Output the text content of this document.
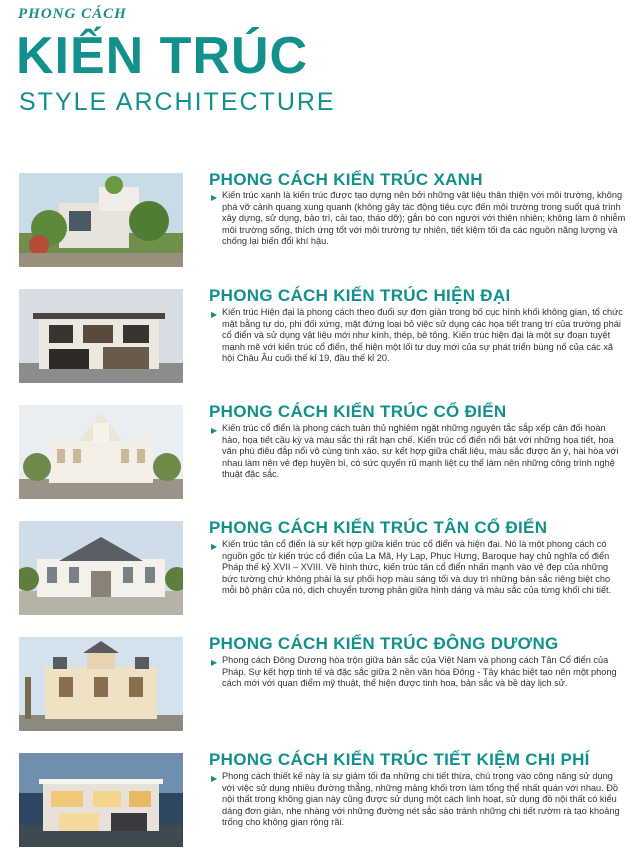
PHONG CÁCH
KIẾN TRÚC
STYLE ARCHITECTURE
PHONG CÁCH KIẾN TRÚC XANH
▶ Kiến trúc xanh là kiến trúc được tạo dựng nên bởi những vật liệu thân thiện với môi trường, không phá vỡ cảnh quang xung quanh (không gây tác động tiêu cực đến môi trường trong suốt quá trình xây dựng, sử dụng, bảo trì, cải tạo, tháo dỡ); gắn bó con người với thiên nhiên; không làm ô nhiễm môi trường sống, thích ứng tốt với môi trường tự nhiên, tiết kiệm tối đa các nguồn năng lượng và chống lại biến đổi khí hậu.
PHONG CÁCH KIẾN TRÚC HIỆN ĐẠI
▶ Kiến trúc Hiện đại là phong cách theo đuổi sự đơn giản trong bố cục hình khối không gian, tổ chức mặt bằng tự do, phi đối xứng, mặt đứng loại bỏ việc sử dụng các họa tiết trang trí của trường phái cổ điển và sử dụng vật liệu mới như kính, thép, bê tông. Kiến trúc hiện đại là một sự đoạn tuyệt mạnh mẽ với kiến trúc cổ điển, thể hiện một lối tư duy mới của sự phát triển bùng nổ của các xã hội Châu Âu cuối thế kỉ 19, đầu thế kỉ 20.
PHONG CÁCH KIẾN TRÚC CỔ ĐIỂN
▶ Kiến trúc cổ điển là phong cách tuân thủ nghiêm ngặt những nguyên tắc sắp xếp cân đối hoàn hảo, họa tiết cầu kỳ và màu sắc thì rất hạn chế. Kiến trúc cổ điển nổi bật với những họa tiết, hoa văn phù điêu đắp nổi vô cùng tinh xảo, sự kết hợp giữa chất liệu, màu sắc được ăn ý, hài hòa với nhau làm nên vẻ đẹp huyền bí, có sức quyến rũ mạnh liệt cụ thể làm nên những công trình nghệ thuật đặc sắc.
PHONG CÁCH KIẾN TRÚC TÂN CỔ ĐIỂN
▶ Kiến trúc tân cổ điển là sự kết hợp giữa kiến trúc cổ điển và hiện đại. Nó là một phong cách có nguồn gốc từ kiến trúc cổ điển của La Mã, Hy Lạp, Phục Hưng, Baroque hay chủ nghĩa cổ điển Pháp thế kỷ XVII – XVIII. Về hình thức, kiến trúc tân cổ điển nhấn mạnh vào vẻ đẹp của những bức tường chứ không phải là sự phối hợp màu sáng tối và duy trì những bản sắc riêng biệt cho mỗi bộ phận của nó, dịch chuyển tương phản giữa hình dáng và màu sắc của từng khối chi tiết.
PHONG CÁCH KIẾN TRÚC ĐÔNG DƯƠNG
▶ Phong cách Đông Dương hòa trộn giữa bản sắc của Việt Nam và phong cách Tân Cổ điển của Pháp. Sự kết hợp tinh tế và đặc sắc giữa 2 nền văn hóa Đông - Tây khác biệt tạo nên một phong cách mới với quan điểm mỹ thuật, thể hiện được tinh hoa, bản sắc và bề dày lịch sử.
PHONG CÁCH KIẾN TRÚC TIẾT KIỆM CHI PHÍ
▶ Phong cách thiết kế này là sự giảm tối đa những chi tiết thừa, chú trọng vào công năng sử dụng với việc sử dụng nhiều đường thẳng, những mảng khối trơn làm tổng thể nhất quán với nhau. Đồ nội thất trong không gian này cũng được sử dụng một cách linh hoạt, sử dụng đồ nội thất có kiểu dáng đơn giản, nhẹ nhàng với những đường nét sắc sảo tránh những chi tiết rườm rà tạo khoảng trống cho không gian rộng rãi.
